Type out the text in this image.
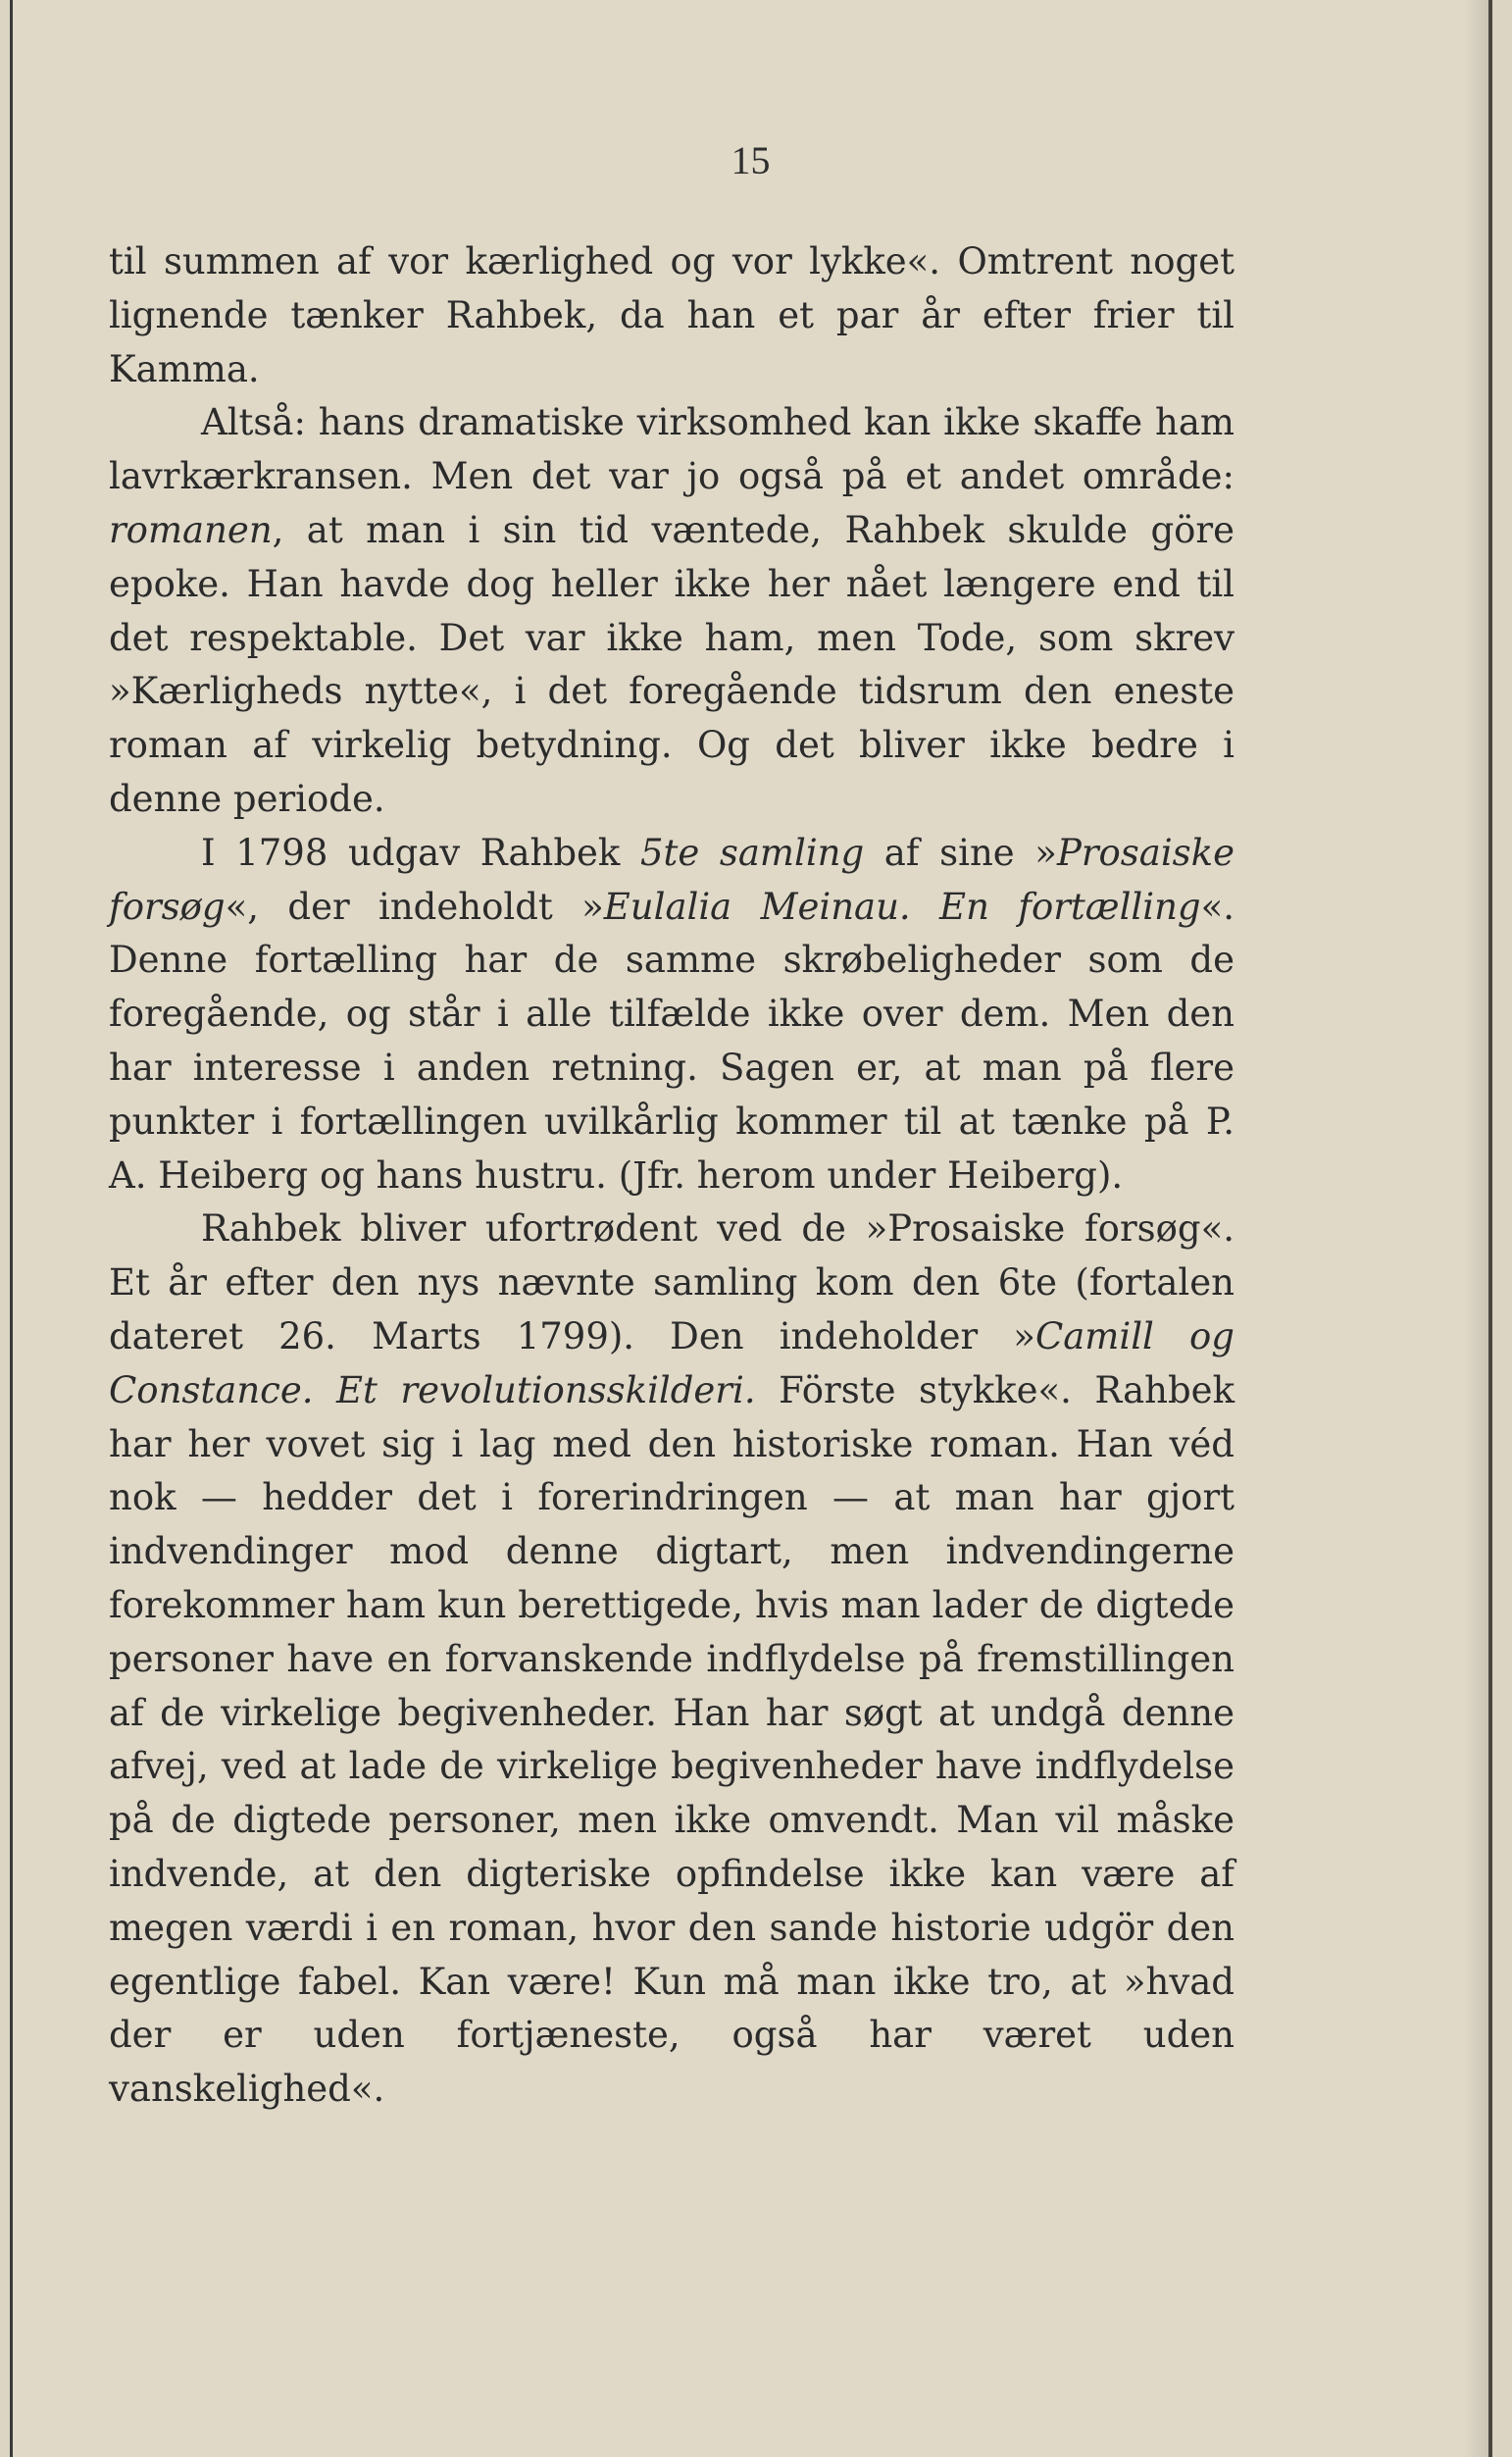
15

til summen af vor kærlighed og vor lykke«. Omtrent noget lignende tænker Rahbek, da han et par år efter frier til Kamma.

Altså: hans dramatiske virksomhed kan ikke skaffe ham lavrkærkransen. Men det var jo også på et andet område: romanen, at man i sin tid væntede, Rahbek skulde göre epoke. Han havde dog heller ikke her nået længere end til det respektable. Det var ikke ham, men Tode, som skrev »Kærligheds nytte«, i det foregående tidsrum den eneste roman af virkelig betydning. Og det bliver ikke bedre i denne periode.

I 1798 udgav Rahbek 5te samling af sine »Prosaiske forsøg«, der indeholdt »Eulalia Meinau. En fortælling«. Denne fortælling har de samme skrøbeligheder som de foregående, og står i alle tilfælde ikke over dem. Men den har interesse i anden retning. Sagen er, at man på flere punkter i fortællingen uvilkårlig kommer til at tænke på P. A. Heiberg og hans hustru. (Jfr. herom under Heiberg).

Rahbek bliver ufortrødent ved de »Prosaiske forsøg«. Et år efter den nys nævnte samling kom den 6te (fortalen dateret 26. Marts 1799). Den indeholder »Camill og Constance. Et revolutionsskilderi. Förste stykke«. Rahbek har her vovet sig i lag med den historiske roman. Han véd nok — hedder det i forerindringen — at man har gjort indvendinger mod denne digtart, men indvendingerne forekommer ham kun berettigede, hvis man lader de digtede personer have en forvanskende indflydelse på fremstillingen af de virkelige begivenheder. Han har søgt at undgå denne afvej, ved at lade de virkelige begivenheder have indflydelse på de digtede personer, men ikke omvendt. Man vil måske indvende, at den digteriske opfindelse ikke kan være af megen værdi i en roman, hvor den sande historie udgör den egentlige fabel. Kan være! Kun må man ikke tro, at »hvad der er uden fortjæneste, også har været uden vanskelighed«.
